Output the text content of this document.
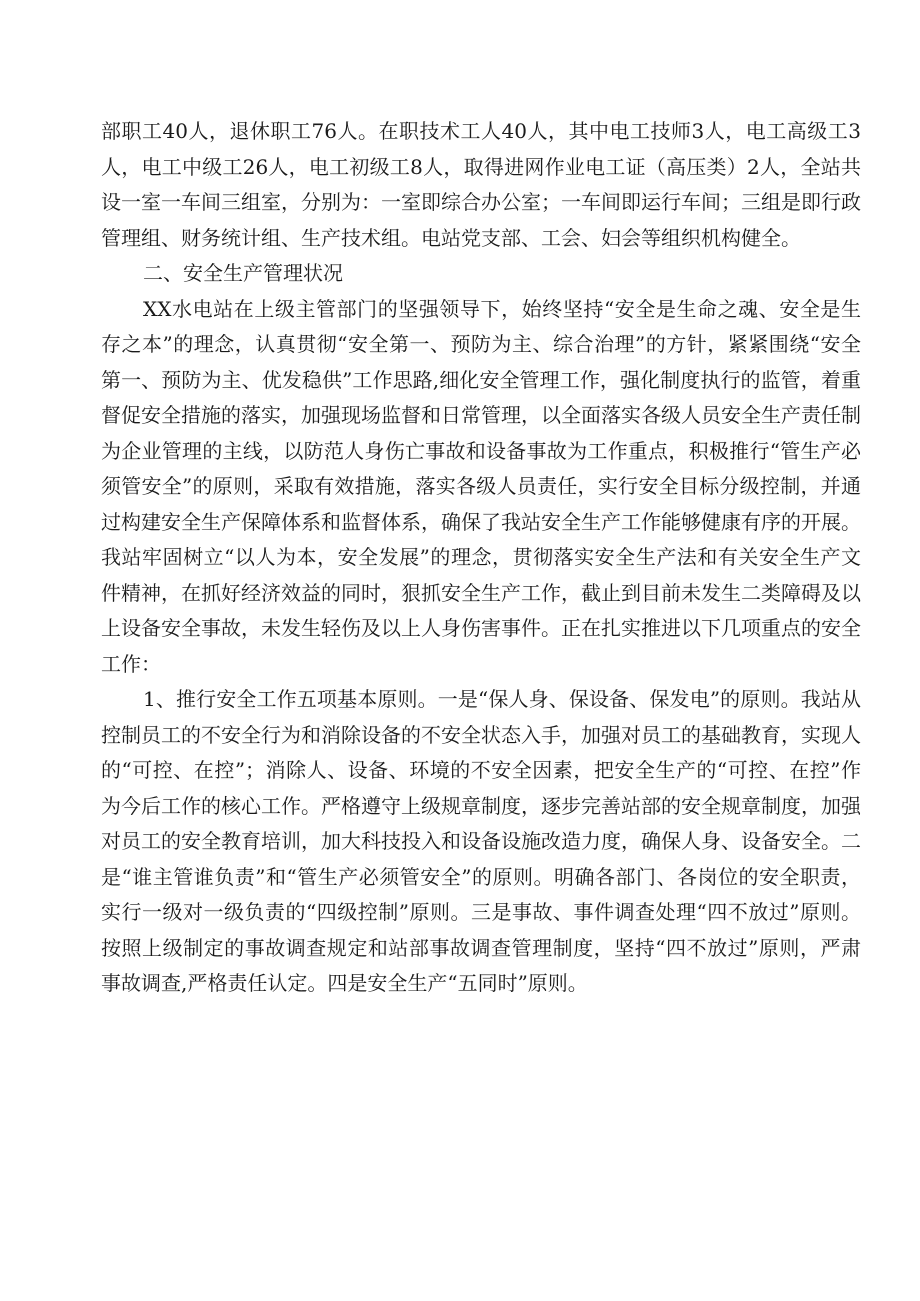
部职工40人，退休职工76人。在职技术工人40人，其中电工技师3人，电工高级工3人，电工中级工26人，电工初级工8人，取得进网作业电工证（高压类）2人，全站共设一室一车间三组室，分别为：一室即综合办公室；一车间即运行车间；三组是即行政管理组、财务统计组、生产技术组。电站党支部、工会、妇会等组织机构健全。

二、安全生产管理状况

XX水电站在上级主管部门的坚强领导下，始终坚持“安全是生命之魂、安全是生存之本”的理念，认真贯彻“安全第一、预防为主、综合治理”的方针，紧紧围绕“安全第一、预防为主、优发稳供”工作思路,细化安全管理工作，强化制度执行的监管，着重督促安全措施的落实，加强现场监督和日常管理，以全面落实各级人员安全生产责任制为企业管理的主线，以防范人身伤亡事故和设备事故为工作重点，积极推行“管生产必须管安全”的原则，采取有效措施，落实各级人员责任，实行安全目标分级控制，并通过构建安全生产保障体系和监督体系，确保了我站安全生产工作能够健康有序的开展。我站牢固树立“以人为本，安全发展”的理念，贯彻落实安全生产法和有关安全生产文件精神，在抓好经济效益的同时，狠抓安全生产工作，截止到目前未发生二类障碍及以上设备安全事故，未发生轻伤及以上人身伤害事件。正在扎实推进以下几项重点的安全工作：

1、推行安全工作五项基本原则。一是“保人身、保设备、保发电”的原则。我站从控制员工的不安全行为和消除设备的不安全状态入手，加强对员工的基础教育，实现人的“可控、在控”；消除人、设备、环境的不安全因素，把安全生产的“可控、在控”作为今后工作的核心工作。严格遵守上级规章制度，逐步完善站部的安全规章制度，加强对员工的安全教育培训，加大科技投入和设备设施改造力度，确保人身、设备安全。二是“谁主管谁负责”和“管生产必须管安全”的原则。明确各部门、各岗位的安全职责，实行一级对一级负责的“四级控制”原则。三是事故、事件调查处理“四不放过”原则。按照上级制定的事故调查规定和站部事故调查管理制度，坚持“四不放过”原则，严肃事故调查,严格责任认定。四是安全生产“五同时”原则。
